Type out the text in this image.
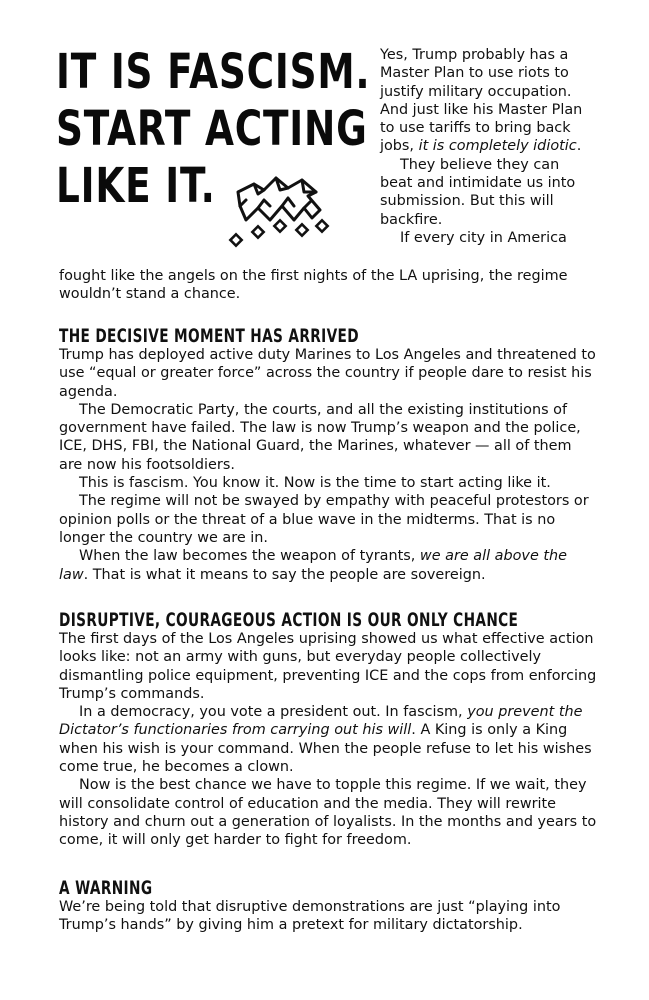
IT IS FASCISM.
START ACTING
LIKE IT.

Yes, Trump probably has a Master Plan to use riots to justify military occupation. And just like his Master Plan to use tariffs to bring back jobs, it is completely idiotic.

They believe they can beat and intimidate us into submission. But this will backfire.

If every city in America

fought like the angels on the first nights of the LA uprising, the regime wouldn’t stand a chance.

THE DECISIVE MOMENT HAS ARRIVED

Trump has deployed active duty Marines to Los Angeles and threatened to use “equal or greater force” across the country if people dare to resist his agenda.

The Democratic Party, the courts, and all the existing institutions of government have failed. The law is now Trump’s weapon and the police, ICE, DHS, FBI, the National Guard, the Marines, whatever — all of them are now his footsoldiers.

This is fascism. You know it. Now is the time to start acting like it.

The regime will not be swayed by empathy with peaceful protestors or opinion polls or the threat of a blue wave in the midterms. That is no longer the country we are in.

When the law becomes the weapon of tyrants, we are all above the law. That is what it means to say the people are sovereign.

DISRUPTIVE, COURAGEOUS ACTION IS OUR ONLY CHANCE

The first days of the Los Angeles uprising showed us what effective action looks like: not an army with guns, but everyday people collectively dismantling police equipment, preventing ICE and the cops from enforcing Trump’s commands.

In a democracy, you vote a president out. In fascism, you prevent the Dictator’s functionaries from carrying out his will. A King is only a King when his wish is your command. When the people refuse to let his wishes come true, he becomes a clown.

Now is the best chance we have to topple this regime. If we wait, they will consolidate control of education and the media. They will rewrite history and churn out a generation of loyalists. In the months and years to come, it will only get harder to fight for freedom.

A WARNING

We’re being told that disruptive demonstrations are just “playing into Trump’s hands” by giving him a pretext for military dictatorship.
